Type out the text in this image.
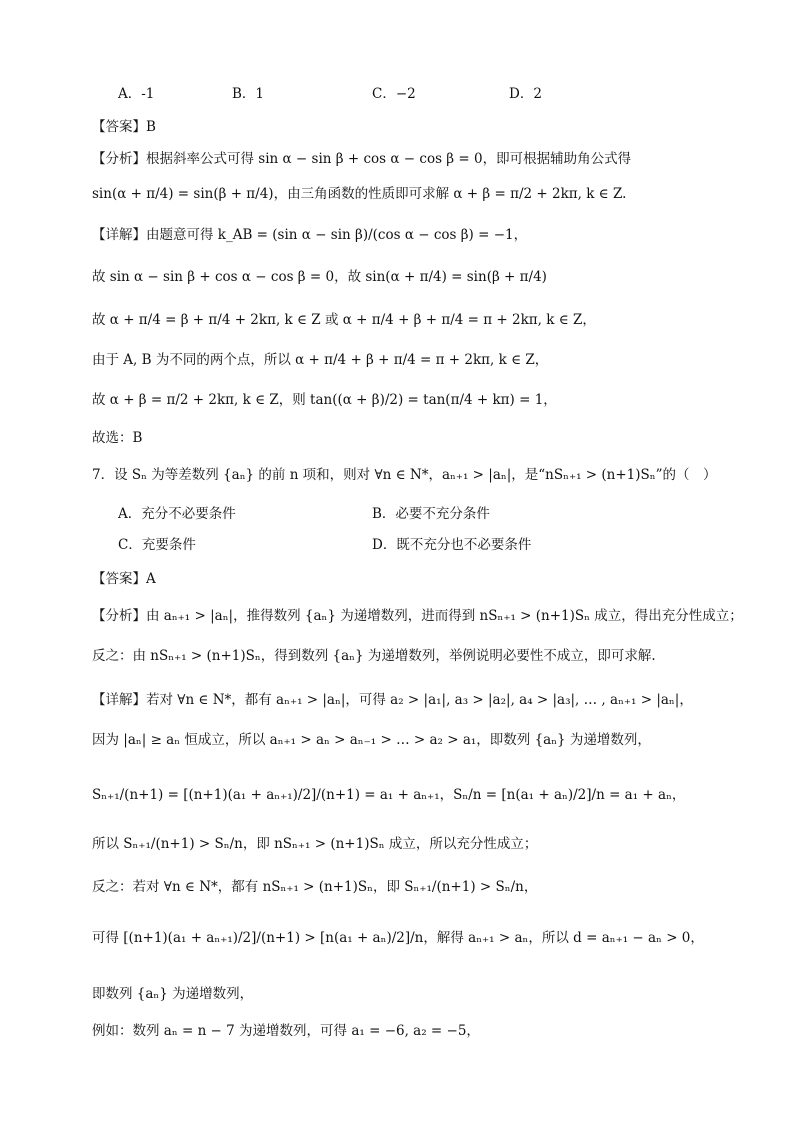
A．-1	B．1	C．−2	D．2
【答案】B
【分析】根据斜率公式可得 sin α − sin β + cos α − cos β = 0，即可根据辅助角公式得
sin(α + π/4) = sin(β + π/4)，由三角函数的性质即可求解 α + β = π/2 + 2kπ, k ∈ Z.
【详解】由题意可得 k_AB = (sin α − sin β)/(cos α − cos β) = −1，
故 sin α − sin β + cos α − cos β = 0，故 sin(α + π/4) = sin(β + π/4)
故 α + π/4 = β + π/4 + 2kπ, k ∈ Z 或 α + π/4 + β + π/4 = π + 2kπ, k ∈ Z，
由于 A, B 为不同的两个点，所以 α + π/4 + β + π/4 = π + 2kπ, k ∈ Z，
故 α + β = π/2 + 2kπ, k ∈ Z，则 tan((α + β)/2) = tan(π/4 + kπ) = 1，
故选：B
7．设 Sₙ 为等差数列 {aₙ} 的前 n 项和，则对 ∀n ∈ N*，aₙ₊₁ > |aₙ|，是“nSₙ₊₁ > (n+1)Sₙ”的（　）
A．充分不必要条件	B．必要不充分条件
C．充要条件	D．既不充分也不必要条件
【答案】A
【分析】由 aₙ₊₁ > |aₙ|，推得数列 {aₙ} 为递增数列，进而得到 nSₙ₊₁ > (n+1)Sₙ 成立，得出充分性成立；
反之：由 nSₙ₊₁ > (n+1)Sₙ，得到数列 {aₙ} 为递增数列，举例说明必要性不成立，即可求解.
【详解】若对 ∀n ∈ N*，都有 aₙ₊₁ > |aₙ|，可得 a₂ > |a₁|, a₃ > |a₂|, a₄ > |a₃|, … , aₙ₊₁ > |aₙ|，
因为 |aₙ| ≥ aₙ 恒成立，所以 aₙ₊₁ > aₙ > aₙ₋₁ > … > a₂ > a₁，即数列 {aₙ} 为递增数列，
Sₙ₊₁/(n+1) = [(n+1)(a₁ + aₙ₊₁)/2]/(n+1) = a₁ + aₙ₊₁，Sₙ/n = [n(a₁ + aₙ)/2]/n = a₁ + aₙ，
所以 Sₙ₊₁/(n+1) > Sₙ/n，即 nSₙ₊₁ > (n+1)Sₙ 成立，所以充分性成立；
反之：若对 ∀n ∈ N*，都有 nSₙ₊₁ > (n+1)Sₙ，即 Sₙ₊₁/(n+1) > Sₙ/n，
可得 [(n+1)(a₁ + aₙ₊₁)/2]/(n+1) > [n(a₁ + aₙ)/2]/n，解得 aₙ₊₁ > aₙ，所以 d = aₙ₊₁ − aₙ > 0，
即数列 {aₙ} 为递增数列，
例如：数列 aₙ = n − 7 为递增数列，可得 a₁ = −6, a₂ = −5，
